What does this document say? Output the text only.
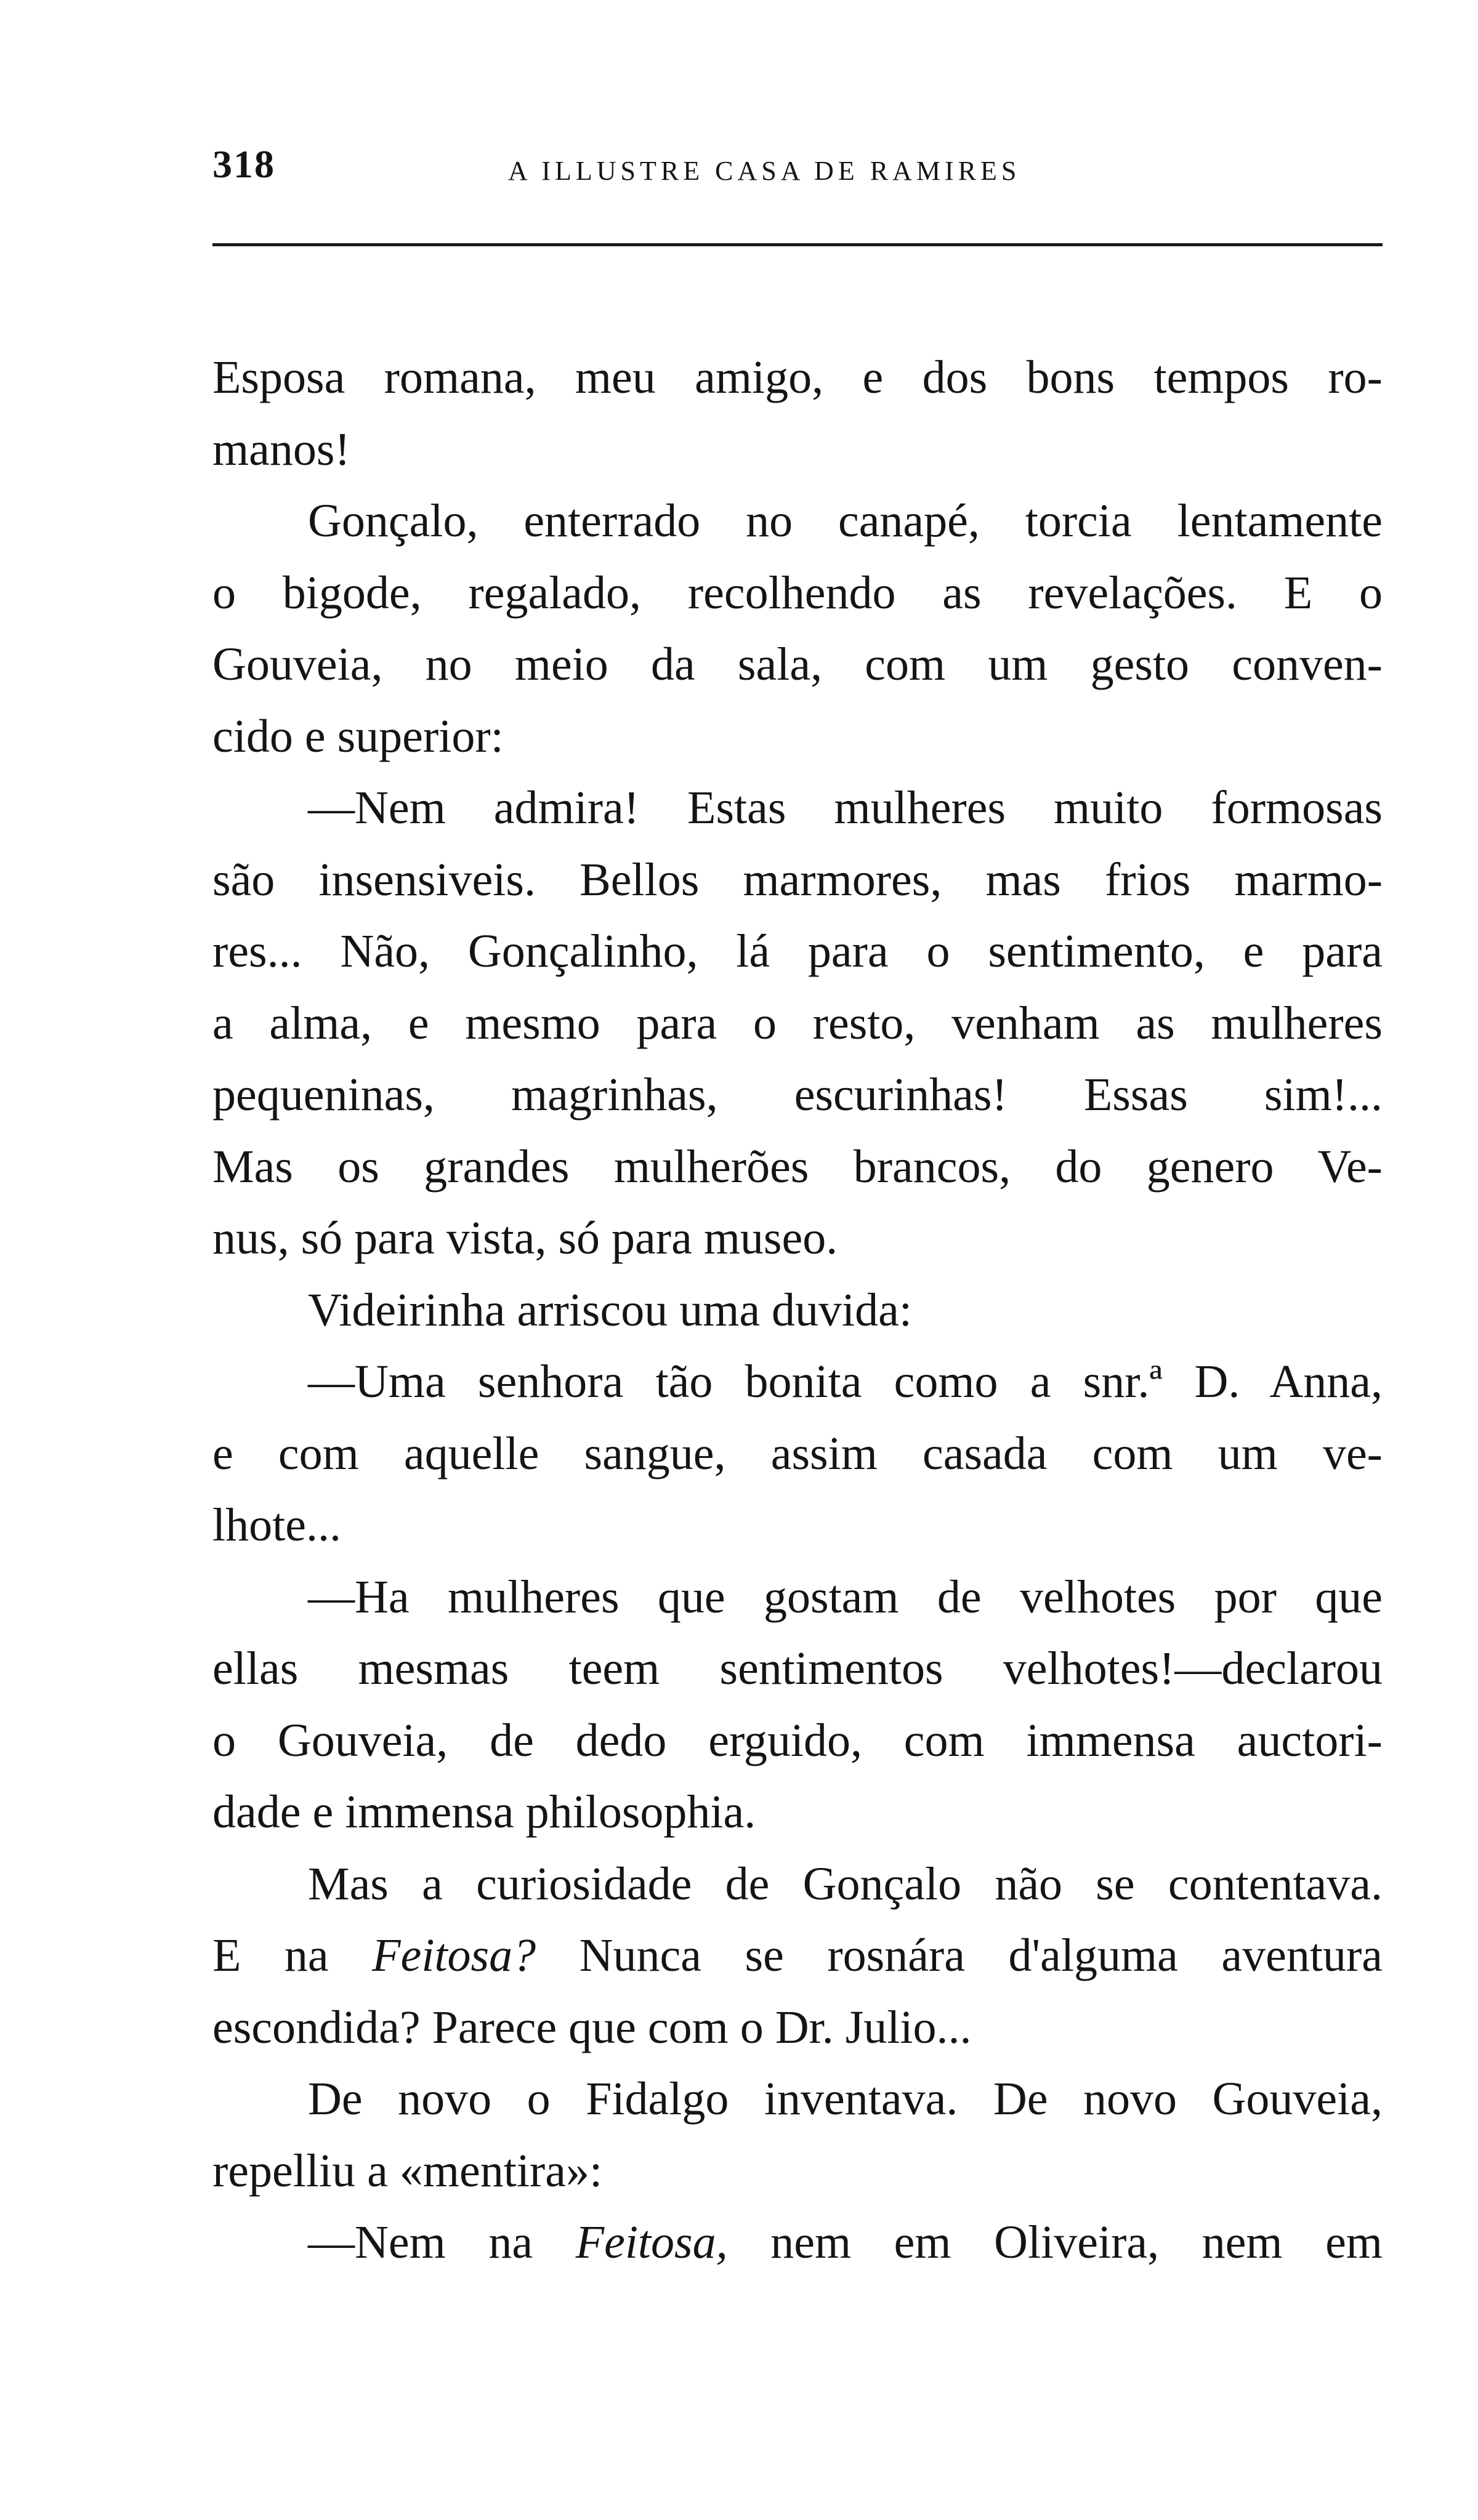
318	A ILLUSTRE CASA DE RAMIRES
Esposa romana, meu amigo, e dos bons tempos ro-
manos!
Gonçalo, enterrado no canapé, torcia lentamente
o bigode, regalado, recolhendo as revelações. E o
Gouveia, no meio da sala, com um gesto conven-
cido e superior:
—Nem admira! Estas mulheres muito formosas
são insensiveis. Bellos marmores, mas frios marmo-
res... Não, Gonçalinho, lá para o sentimento, e para
a alma, e mesmo para o resto, venham as mulheres
pequeninas, magrinhas, escurinhas! Essas sim!...
Mas os grandes mulherões brancos, do genero Ve-
nus, só para vista, só para museo.
Videirinha arriscou uma duvida:
—Uma senhora tão bonita como a snr.ª D. Anna,
e com aquelle sangue, assim casada com um ve-
lhote...
—Ha mulheres que gostam de velhotes por que
ellas mesmas teem sentimentos velhotes!—declarou
o Gouveia, de dedo erguido, com immensa auctori-
dade e immensa philosophia.
Mas a curiosidade de Gonçalo não se contentava.
E na Feitosa? Nunca se rosnára d'alguma aventura
escondida? Parece que com o Dr. Julio...
De novo o Fidalgo inventava. De novo Gouveia,
repelliu a «mentira»:
—Nem na Feitosa, nem em Oliveira, nem em
